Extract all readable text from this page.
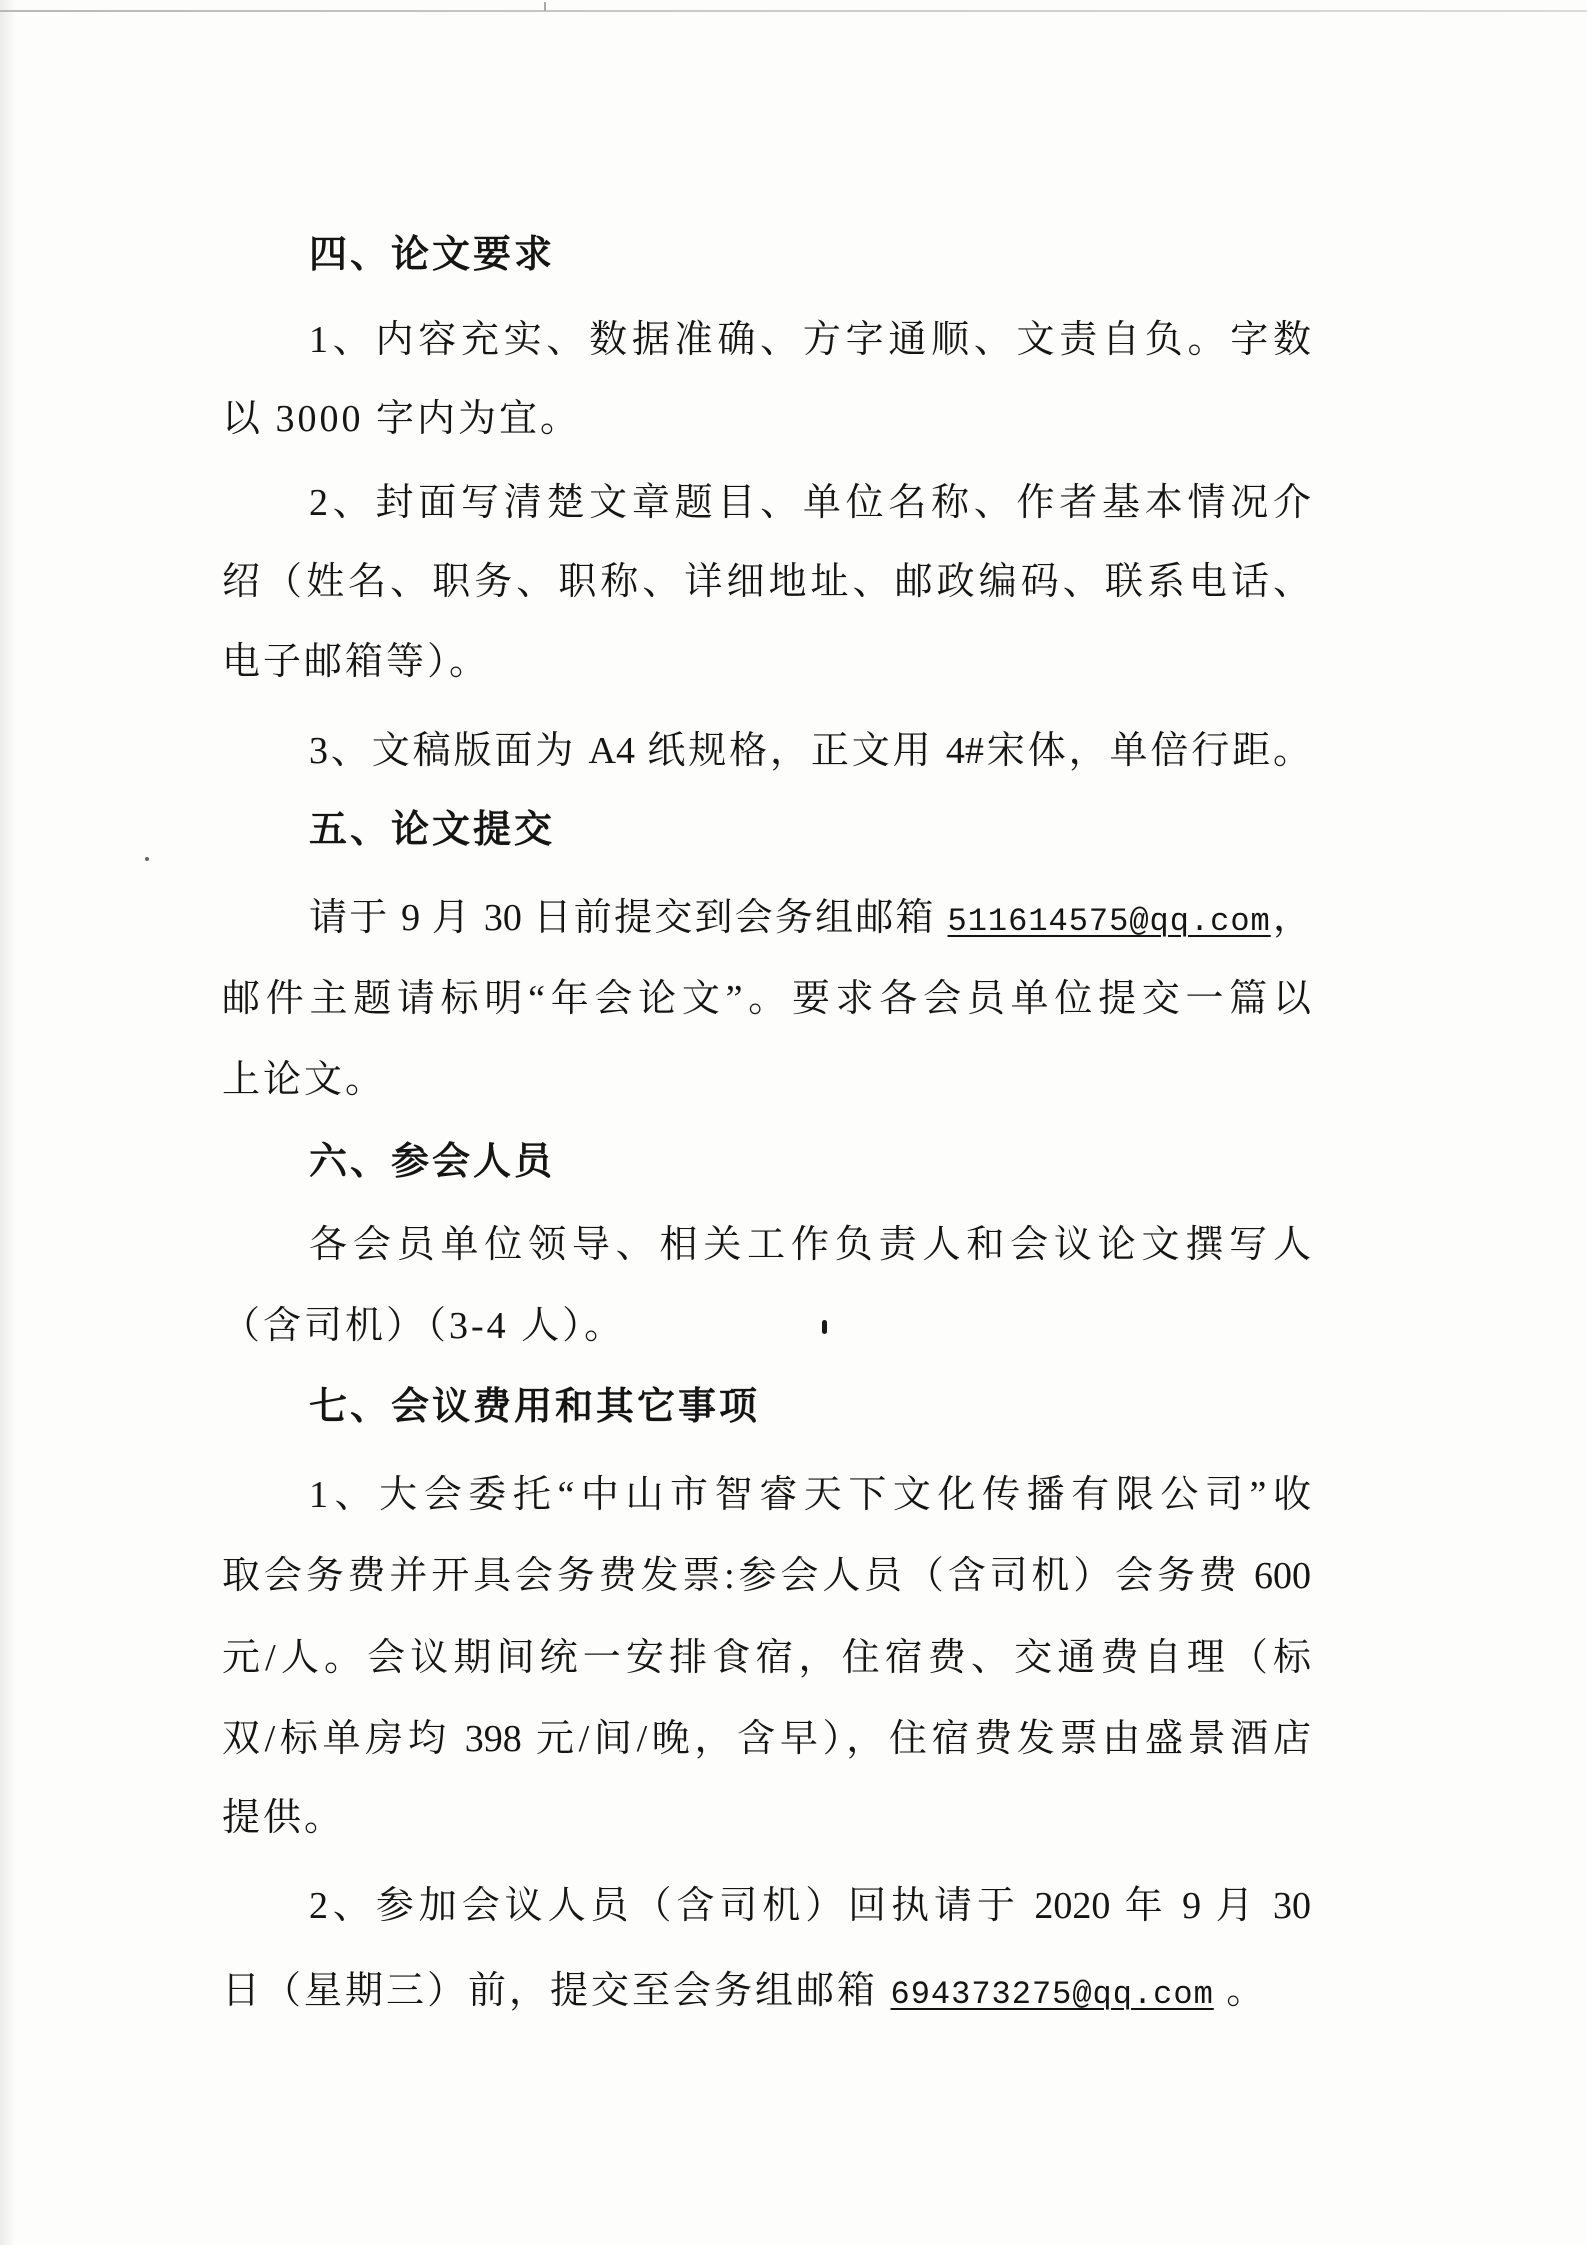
四、论文要求
1、内容充实、数据准确、方字通顺、文责自负。字数
以 3000 字内为宜。
2、封面写清楚文章题目、单位名称、作者基本情况介
绍（姓名、职务、职称、详细地址、邮政编码、联系电话、
电子邮箱等）。
3、文稿版面为 A4 纸规格，正文用 4#宋体，单倍行距。
五、论文提交
请于 9 月 30 日前提交到会务组邮箱 511614575@qq.com，
邮件主题请标明“年会论文”。要求各会员单位提交一篇以
上论文。
六、参会人员
各会员单位领导、相关工作负责人和会议论文撰写人
（含司机）（3-4 人）。
七、会议费用和其它事项
1、大会委托“中山市智睿天下文化传播有限公司”收
取会务费并开具会务费发票:参会人员（含司机）会务费 600
元/人。会议期间统一安排食宿，住宿费、交通费自理（标
双/标单房均 398 元/间/晚，含早），住宿费发票由盛景酒店
提供。
2、参加会议人员（含司机）回执请于 2020 年 9 月 30
日（星期三）前，提交至会务组邮箱 694373275@qq.com 。
